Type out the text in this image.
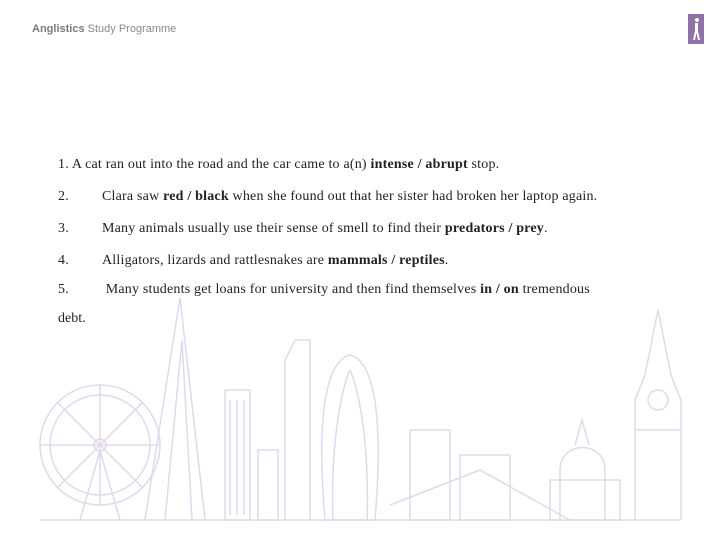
Anglistics Study Programme
1. A cat ran out into the road and the car came to a(n) intense / abrupt stop.
2. Clara saw red / black when she found out that her sister had broken her laptop again.
3. Many animals usually use their sense of smell to find their predators / prey.
4. Alligators, lizards and rattlesnakes are mammals / reptiles.
5. Many students get loans for university and then find themselves in / on tremendous
debt.
